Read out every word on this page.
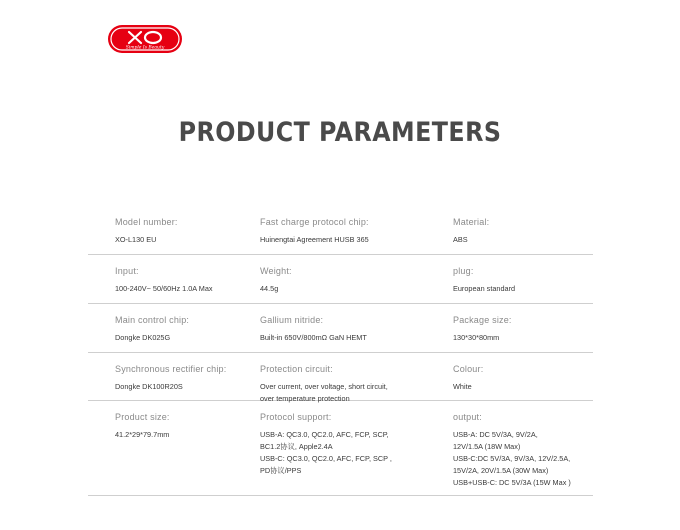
Simple Is Beauty
PRODUCT PARAMETERS
Model number:
XO-L130 EU
Fast charge protocol chip:
Huinengtai Agreement HUSB 365
Material:
ABS
Input:
100-240V~ 50/60Hz 1.0A Max
Weight:
44.5g
plug:
European standard
Main control chip:
Dongke DK025G
Gallium nitride:
Built-in 650V/800mΩ GaN HEMT
Package size:
130*30*80mm
Synchronous rectifier chip:
Dongke DK100R20S
Protection circuit:
Over current, over voltage, short circuit,
over temperature protection
Colour:
White
Product size:
41.2*29*79.7mm
Protocol support:
USB-A: QC3.0, QC2.0, AFC, FCP, SCP,
BC1.2协议, Apple2.4A
USB-C: QC3.0, QC2.0, AFC, FCP, SCP ,
PD协议/PPS
output:
USB-A: DC 5V/3A, 9V/2A,
12V/1.5A (18W Max)
USB-C:DC 5V/3A, 9V/3A, 12V/2.5A,
15V/2A, 20V/1.5A (30W Max)
USB+USB-C: DC 5V/3A (15W Max )
